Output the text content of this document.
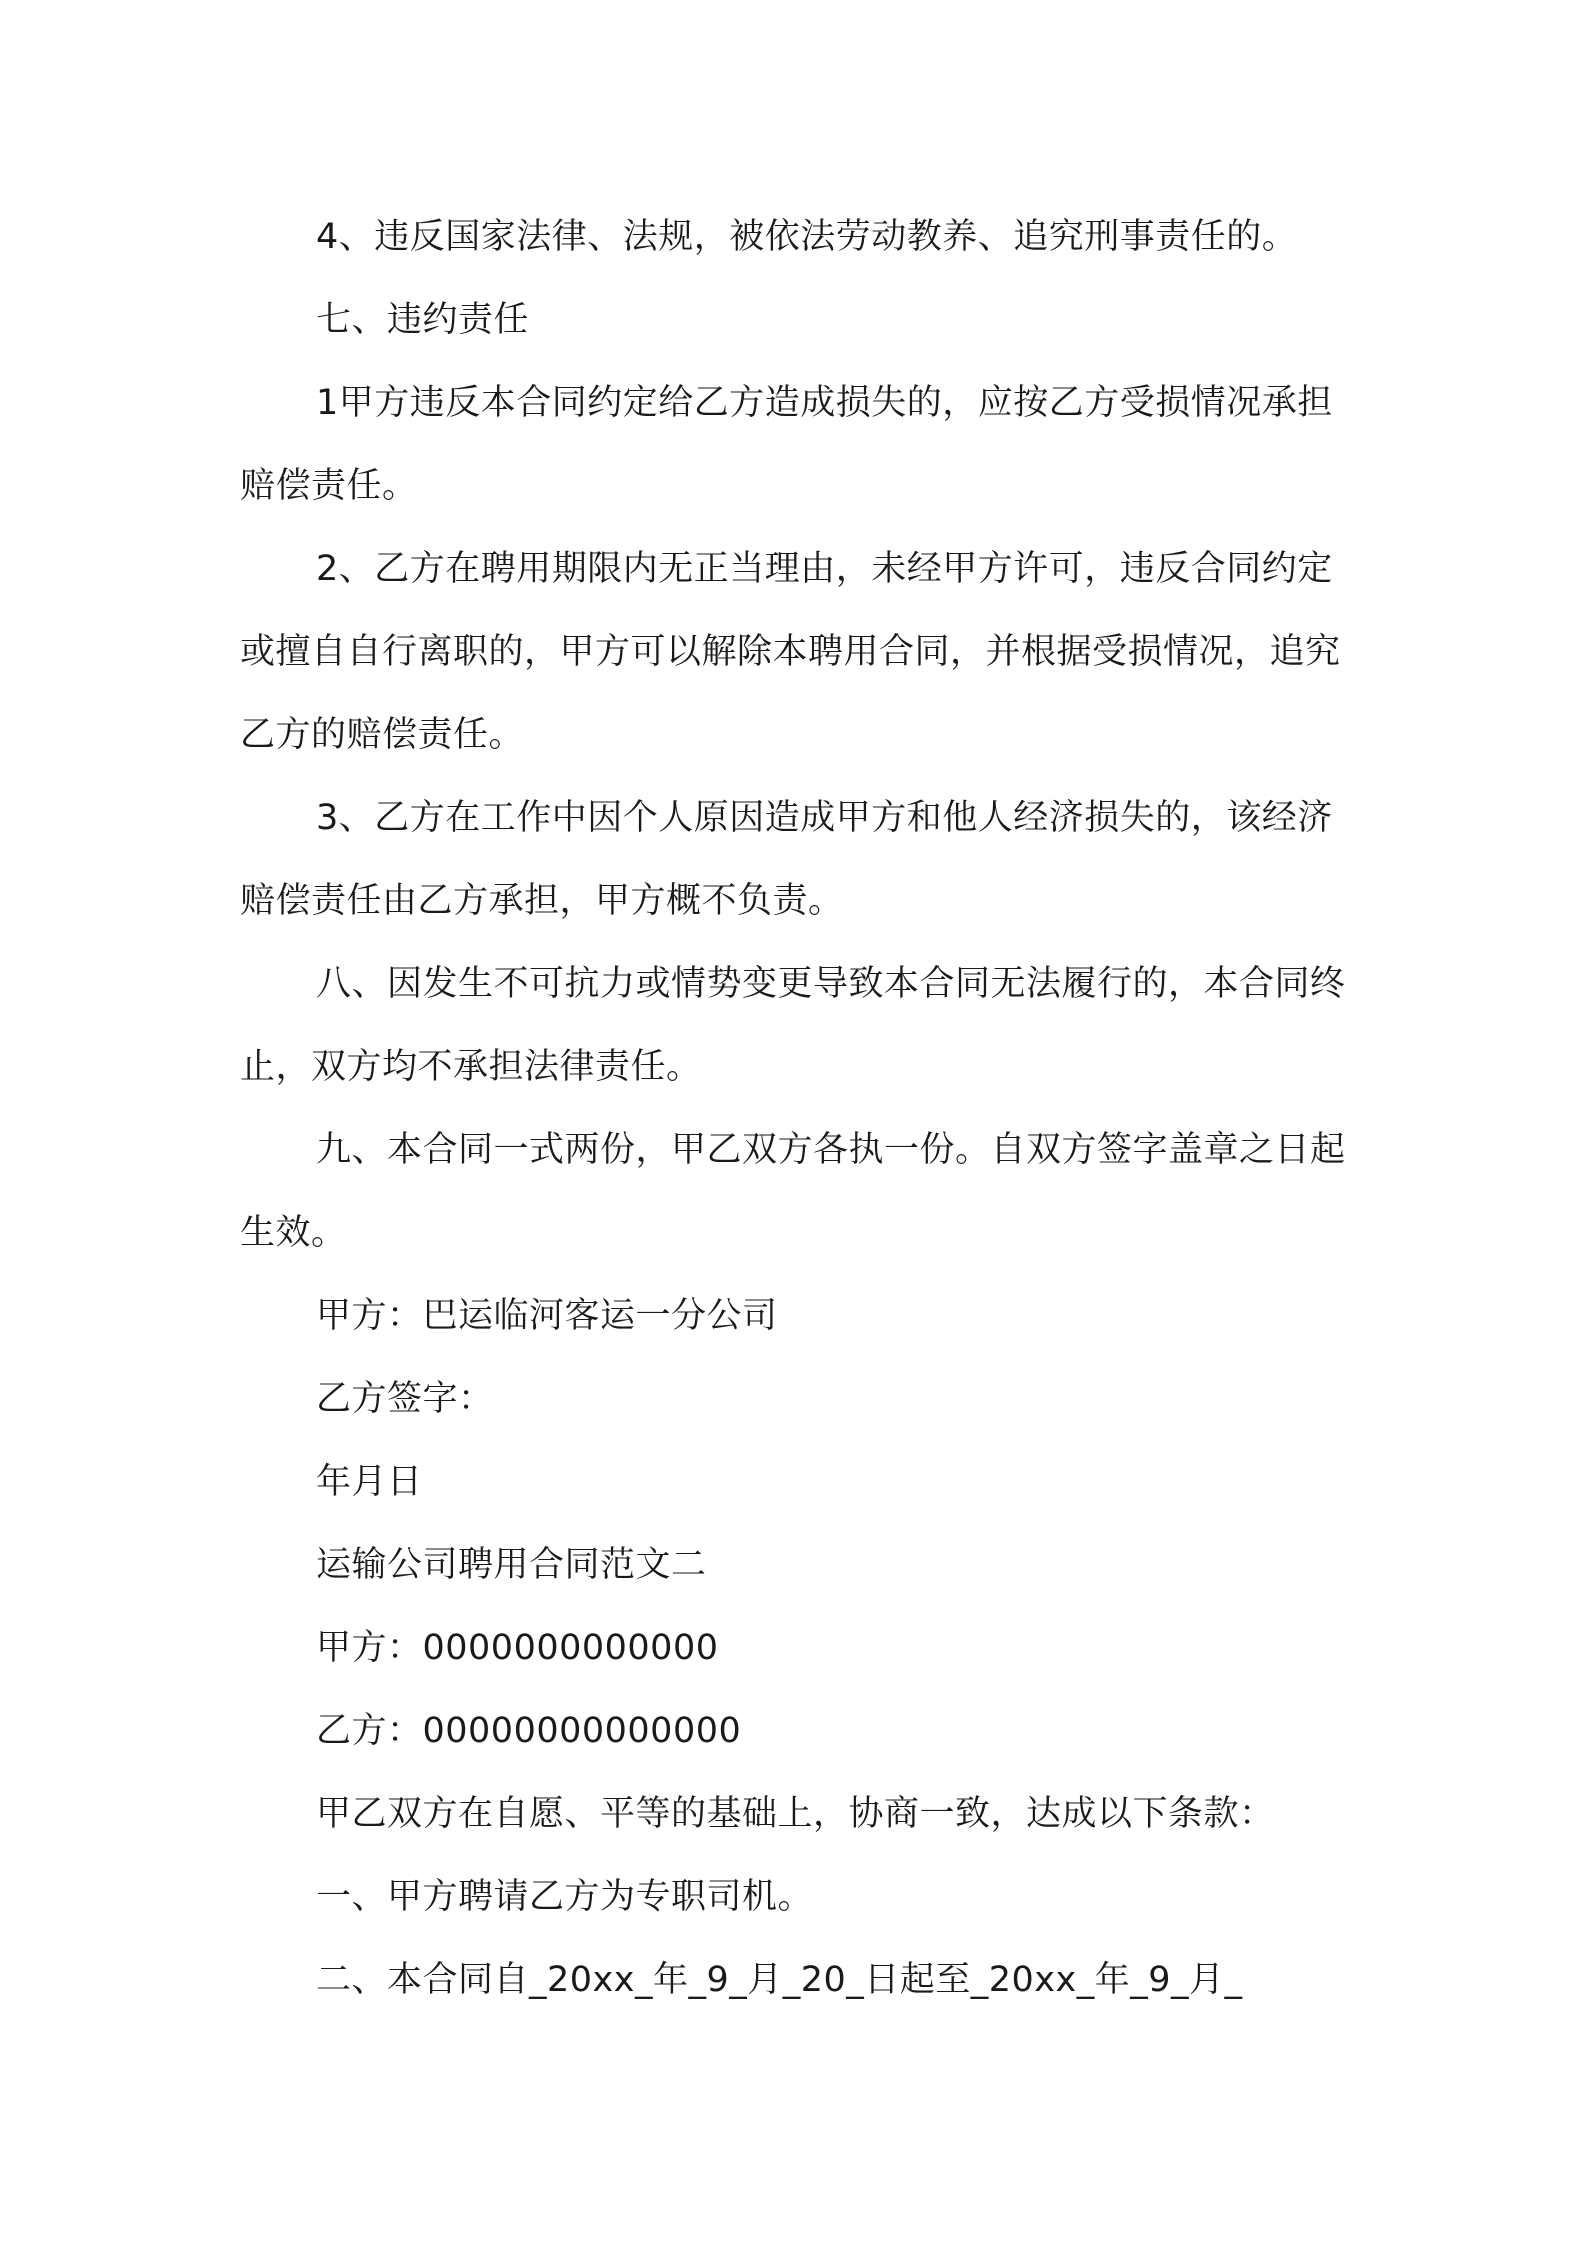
4、违反国家法律、法规，被依法劳动教养、追究刑事责任的。

七、违约责任

1甲方违反本合同约定给乙方造成损失的，应按乙方受损情况承担赔偿责任。

2、乙方在聘用期限内无正当理由，未经甲方许可，违反合同约定或擅自自行离职的，甲方可以解除本聘用合同，并根据受损情况，追究乙方的赔偿责任。

3、乙方在工作中因个人原因造成甲方和他人经济损失的，该经济赔偿责任由乙方承担，甲方概不负责。

八、因发生不可抗力或情势变更导致本合同无法履行的，本合同终止，双方均不承担法律责任。

九、本合同一式两份，甲乙双方各执一份。自双方签字盖章之日起生效。

甲方：巴运临河客运一分公司

乙方签字：

年月日

运输公司聘用合同范文二

甲方：0000000000000

乙方：00000000000000

甲乙双方在自愿、平等的基础上，协商一致，达成以下条款：

一、甲方聘请乙方为专职司机。

二、本合同自_20xx_年_9_月_20_日起至_20xx_年_9_月_
